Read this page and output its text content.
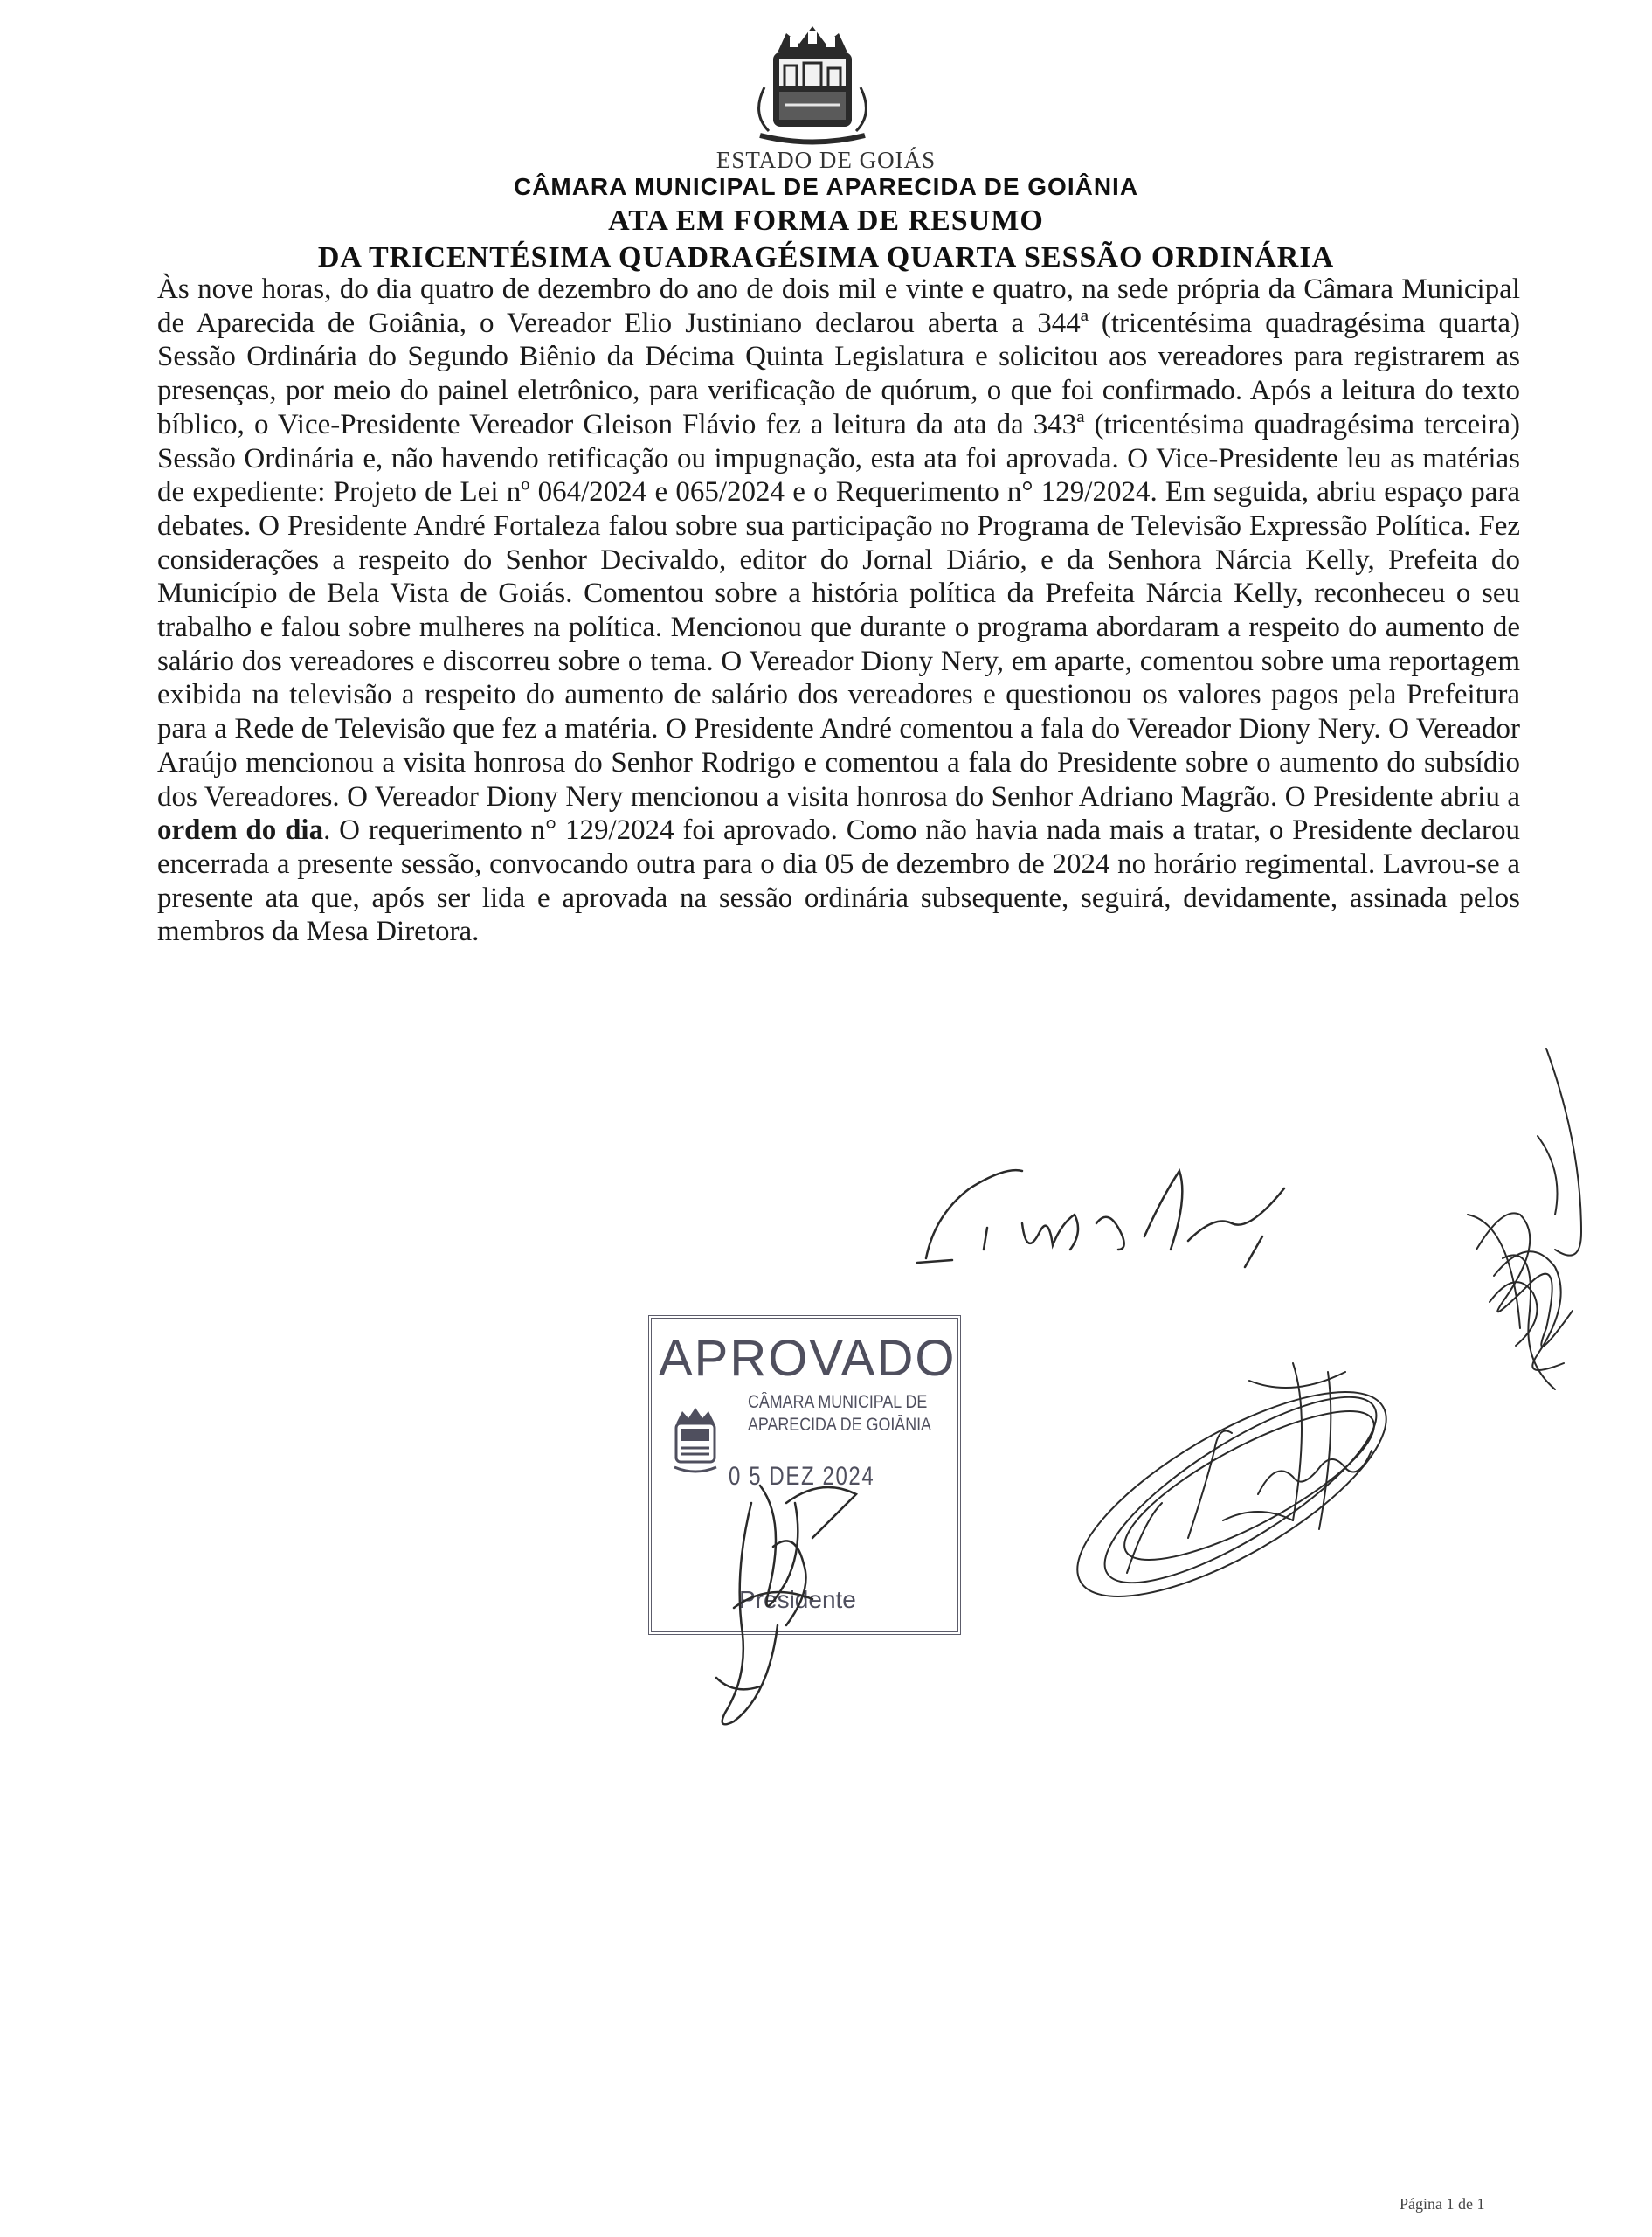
ESTADO DE GOIÁS
CÂMARA MUNICIPAL DE APARECIDA DE GOIÂNIA
ATA EM FORMA DE RESUMO
DA TRICENTÉSIMA QUADRAGÉSIMA QUARTA SESSÃO ORDINÁRIA
Às nove horas, do dia quatro de dezembro do ano de dois mil e vinte e quatro, na sede própria da Câmara Municipal de Aparecida de Goiânia, o Vereador Elio Justiniano declarou aberta a 344ª (tricentésima quadragésima quarta) Sessão Ordinária do Segundo Biênio da Décima Quinta Legislatura e solicitou aos vereadores para registrarem as presenças, por meio do painel eletrônico, para verificação de quórum, o que foi confirmado. Após a leitura do texto bíblico, o Vice-Presidente Vereador Gleison Flávio fez a leitura da ata da 343ª (tricentésima quadragésima terceira) Sessão Ordinária e, não havendo retificação ou impugnação, esta ata foi aprovada. O Vice-Presidente leu as matérias de expediente: Projeto de Lei nº 064/2024 e 065/2024 e o Requerimento n° 129/2024. Em seguida, abriu espaço para debates. O Presidente André Fortaleza falou sobre sua participação no Programa de Televisão Expressão Política. Fez considerações a respeito do Senhor Decivaldo, editor do Jornal Diário, e da Senhora Nárcia Kelly, Prefeita do Município de Bela Vista de Goiás. Comentou sobre a história política da Prefeita Nárcia Kelly, reconheceu o seu trabalho e falou sobre mulheres na política. Mencionou que durante o programa abordaram a respeito do aumento de salário dos vereadores e discorreu sobre o tema. O Vereador Diony Nery, em aparte, comentou sobre uma reportagem exibida na televisão a respeito do aumento de salário dos vereadores e questionou os valores pagos pela Prefeitura para a Rede de Televisão que fez a matéria. O Presidente André comentou a fala do Vereador Diony Nery. O Vereador Araújo mencionou a visita honrosa do Senhor Rodrigo e comentou a fala do Presidente sobre o aumento do subsídio dos Vereadores. O Vereador Diony Nery mencionou a visita honrosa do Senhor Adriano Magrão. O Presidente abriu a ordem do dia. O requerimento n° 129/2024 foi aprovado. Como não havia nada mais a tratar, o Presidente declarou encerrada a presente sessão, convocando outra para o dia 05 de dezembro de 2024 no horário regimental. Lavrou-se a presente ata que, após ser lida e aprovada na sessão ordinária subsequente, seguirá, devidamente, assinada pelos membros da Mesa Diretora.
APROVADO
CÂMARA MUNICIPAL DE
APARECIDA DE GOIÂNIA
0 5 DEZ 2024
Presidente
Página 1 de 1
